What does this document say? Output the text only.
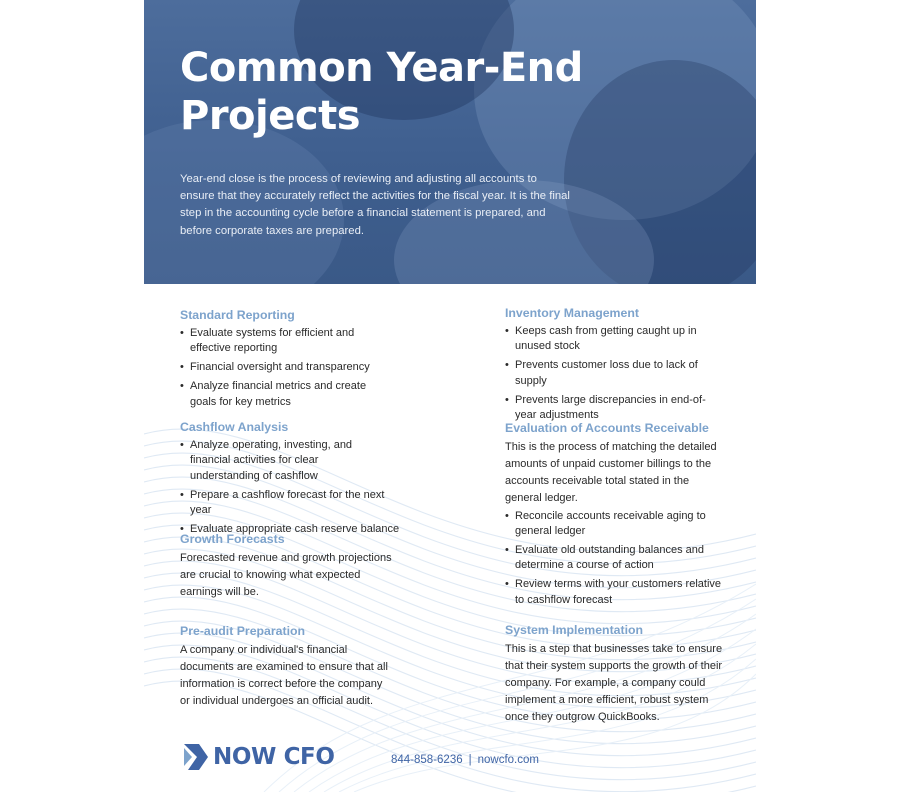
Common Year-End
Projects

Year-end close is the process of reviewing and adjusting all accounts to ensure that they accurately reflect the activities for the fiscal year. It is the final step in the accounting cycle before a financial statement is prepared, and before corporate taxes are prepared.

Standard Reporting
• Evaluate systems for efficient and effective reporting
• Financial oversight and transparency
• Analyze financial metrics and create goals for key metrics
Cashflow Analysis
• Analyze operating, investing, and financial activities for clear understanding of cashflow
• Prepare a cashflow forecast for the next year
• Evaluate appropriate cash reserve balance
Growth Forecasts

Forecasted revenue and growth projections are crucial to knowing what expected earnings will be.

Pre-audit Preparation

A company or individual's financial documents are examined to ensure that all information is correct before the company or individual undergoes an official audit.

Inventory Management
• Keeps cash from getting caught up in unused stock
• Prevents customer loss due to lack of supply
• Prevents large discrepancies in end-of-year adjustments
Evaluation of Accounts Receivable

This is the process of matching the detailed amounts of unpaid customer billings to the accounts receivable total stated in the general ledger.

• Reconcile accounts receivable aging to general ledger
• Evaluate old outstanding balances and determine a course of action
• Review terms with your customers relative to cashflow forecast
System Implementation

This is a step that businesses take to ensure that their system supports the growth of their company. For example, a company could implement a more efficient, robust system once they outgrow QuickBooks.

NOW CFO	844-858-6236 | nowcfo.com
